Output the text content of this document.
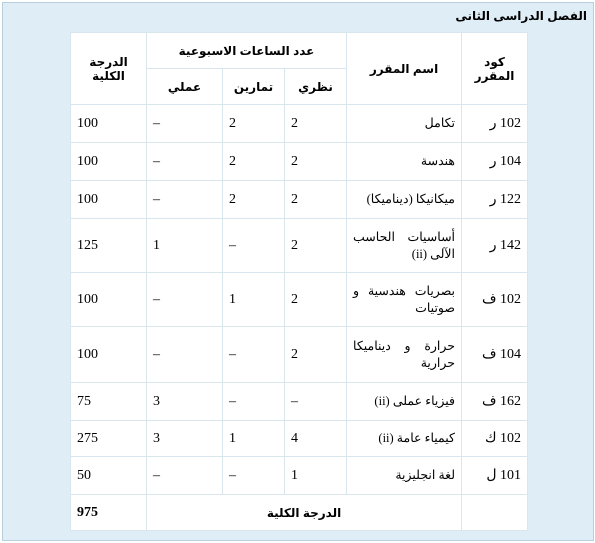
الفصل الدراسى الثانى
كود المقرر	اسم المقرر	عدد الساعات الاسبوعية			الدرجة الكلية
		نظري	تمارين	عملي	
102 ر	تكامل	2	2	–	100
104 ر	هندسة	2	2	–	100
122 ر	ميكانيكا (ديناميكا)	2	2	–	100
142 ر	أساسيات الحاسب الآلى (ii)	2	–	1	125
102 ف	بصريات هندسية و صوتيات	2	1	–	100
104 ف	حرارة و ديناميكا حرارية	2	–	–	100
162 ف	فيزياء عملى (ii)	–	–	3	75
102 ك	كيمياء عامة (ii)	4	1	3	275
101 ل	لغة انجليزية	1	–	–	50
	الدرجة الكلية				975
